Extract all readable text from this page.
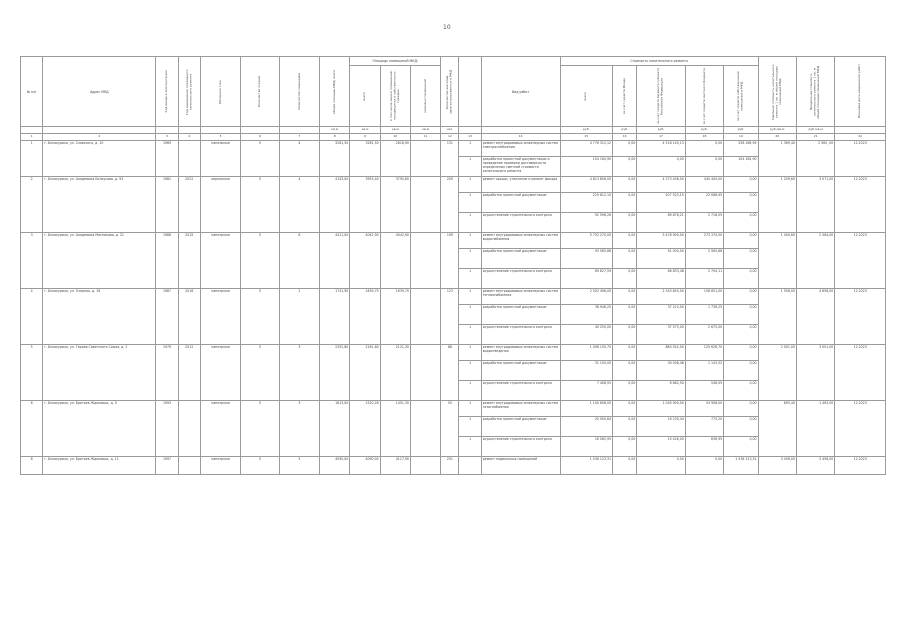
10
№ п/п	Адрес МКД	Год ввода в эксплуатацию	Год завершения последнего капитального ремонта	Материал стен	Количество этажей	Количество подъездов	общая площадь МКД, всего	Площадь помещений МКД:			Количество жителей, зарегистрированных в МКД		Вид работ	Стоимость капитального ремонта					Удельная стоимость капитального ремонта 1 кв. м общей площади помещений МКД	Предельная стоимость капитального ремонта 1 кв. м общей площади помещений МКД	Плановая дата завершения работ

								всего	в том числе жилых помещений, находящихся в собственности граждан	нежилых помещений				всего	за счет средств Фонда	за счет средств бюджета субъекта Российской Федерации	за счет средств местного бюджета	за счет средств собственников помещений в МКД			

							кв.м	кв.м	кв.м	кв.м	чел.			руб.	руб.	руб.	руб.	руб.	руб./кв.м	руб./кв.м	
1	2	3	4	5	6	7	8	9	10	11	12	13	14	15	16	17	18	19	20	21	22
1	г. Белокуриха, ул. Славского, д. 10	1969		панельные	5	4	3261,50	3261,50	2818,90		131	1	ремонт внутридомовых инженерных систем электроснабжения	4 776 312,12	0,00	4 518 145,13	0,00	258 166,99	1 369,40	2 560 ,00	12.2023
												1	разработка проектной документации и проведение проверки достоверности определения сметной стоимости капитального ремонта	104 164,90	0,00	0,00	0,00	104 164,90			
2	г. Белокуриха, ул. Академика Белоусова, д. 93	1981	2022	кирпичные	5	4	4143,00	3953,40	3795,80		209	1	ремонт крыши, утепление и ремонт фасада	4 813 806,00	0,00	4 373 406,00	440 400,00	0,00	1 209,60	3 071,00	12.2023
												1	разработка проектной документации	229 612,10	0,00	207 523,15	22 088,95	0,00			
												1	осуществление строительного контроля	92 596,26	0,00	89 878,21	2 718,05	0,00			
3	г. Белокуриха, ул. Академика Мясникова, д. 21	1986	2015	панельные	5	6	4411,00	4042,90	4042,90		199	1	ремонт внутридомовых инженерных систем водоснабжения	5 752 270,00	0,00	5 478 900,00	273 370,00	0,00	1 400,60	2 564,00	12.2023
												1	разработка проектной документации	93 565,66	0,00	91 000,00	2 565,66	0,00			
												1	осуществление строительного контроля	69 627,59	0,00	66 833,48	2 794,11	0,00			
4	г. Белокуриха, ул. Озерная, д. 16	1987	2016	панельные	5	2	1741,90	1639,70	1639,70		123	1	ремонт внутридомовых инженерных систем теплоснабжения	2 502 496,00	0,00	2 343 845,00	158 651,00	0,00	1 556,00	4 656,00	12.2023
												1	разработка проектной документации	38 946,25	0,00	37 210,00	1 736,25	0,00			
												1	осуществление строительного контроля	40 250,00	0,00	37 575,00	2 675,00	0,00			
5	г. Белокуриха, ул. Героев Советского Союза, д. 2	1979	2012	панельные	5	3	2352,80	2161,80	2121,30		88	1	ремонт внутридомовых инженерных систем водоотведения	1 006 150,70	0,00	880 524,00	125 626,70	0,00	2 001,00	3 001,00	12.2023
												1	разработка проектной документации	31 150,00	0,00	30 006,48	1 143,52	0,00			
												1	осуществление строительного контроля	7 408,55	0,00	6 862,50	546,05	0,00			
6	г. Белокуриха, ул. Братьев Ждановых, д. 9	1993		панельные	5	3	1613,00	1520,26	1451,30		55	1	ремонт внутридомовых инженерных систем газоснабжения	1 100 808,00	0,00	1 045 900,00	54 908,00	0,00	695,40	1 463,00	12.2023
												1	разработка проектной документации	20 000,64	0,00	19 230,44	770,20	0,00			
												1	осуществление строительного контроля	16 062,95	0,00	15 426,00	636,95	0,00			
8	г. Белокуриха, ул. Братьев Ждановых, д. 11	1997		панельные	5	5	4090,00	4090,00	4117,90		251		ремонт подвальных помещений	1 536 123,31	0,00	0,00	0,00	1 536 123,31	3 456,00	3 456,00	12.2023
